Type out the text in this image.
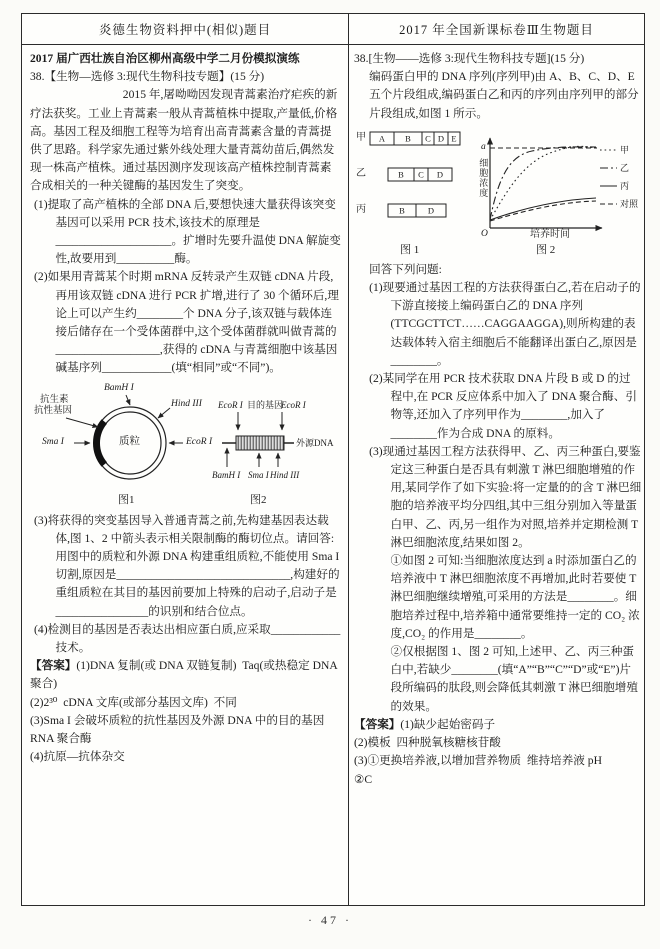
炎德生物资料押中(相似)题目	2017 年全国新课标卷Ⅲ生物题目

2017 届广西壮族自治区柳州高级中学二月份模拟演练

38.【生物—选修 3:现代生物科技专题】(15 分)

2015 年,屠呦呦因发现青蒿素治疗疟疾的新疗法获奖。工业上青蒿素一般从青蒿植株中提取,产量低,价格高。基因工程及细胞工程等为培育出高青蒿素含量的青蒿提供了思路。科学家先通过紫外线处理大量青蒿幼苗后,偶然发现一株高产植株。通过基因测序发现该高产植株控制青蒿素合成相关的一种关键酶的基因发生了突变。

(1)提取了高产植株的全部 DNA 后,要想快速大量获得该突变基因可以采用 PCR 技术,该技术的原理是____________________。扩增时先要升温使 DNA 解旋变性,故要用到__________酶。

(2)如果用青蒿某个时期 mRNA 反转录产生双链 cDNA 片段,再用该双链 cDNA 进行 PCR 扩增,进行了 30 个循环后,理论上可以产生约________个 DNA 分子,该双链与载体连接后储存在一个受体菌群中,这个受体菌群就叫做青蒿的__________________,获得的 cDNA 与青蒿细胞中该基因碱基序列____________(填“相同”或“不同”)。

抗生素
抗性基因
BamH I
Hind III
Sma I	EcoR I
质粒
EcoR I 目的基因
EcoR I
BamH I Sma I Hind III
外源DNA
图1	图2

(3)将获得的突变基因导入普通青蒿之前,先构建基因表达载体,图 1、2 中箭头表示相关限制酶的酶切位点。请回答:

用图中的质粒和外源 DNA 构建重组质粒,不能使用 Sma I 切割,原因是______________________________,构建好的重组质粒在其目的基因前要加上特殊的启动子,启动子是________________的识别和结合位点。

(4)检测目的基因是否表达出相应蛋白质,应采取____________技术。

【答案】(1)DNA 复制(或 DNA 双链复制)  Taq(或热稳定 DNA 聚合)

(2)2³⁰  cDNA 文库(或部分基因文库)  不同

(3)Sma I 会破坏质粒的抗性基因及外源 DNA 中的目的基因  RNA 聚合酶

(4)抗原—抗体杂交

38.[生物——选修 3:现代生物科技专题](15 分)

编码蛋白甲的 DNA 序列(序列甲)由 A、B、C、D、E 五个片段组成,编码蛋白乙和丙的序列由序列甲的部分片段组成,如图 1 所示。

A B C D E
B C D
B	D
甲
乙
丙
a
O
细胞浓度
培养时间
甲
乙
丙
对照
图 1	图 2

回答下列问题:

(1)现要通过基因工程的方法获得蛋白乙,若在启动子的下游直接接上编码蛋白乙的 DNA 序列(TTCGCTTCT……CAGGAAGGA),则所构建的表达载体转入宿主细胞后不能翻译出蛋白乙,原因是________。

(2)某同学在用 PCR 技术获取 DNA 片段 B 或 D 的过程中,在 PCR 反应体系中加入了 DNA 聚合酶、引物等,还加入了序列甲作为________,加入了________作为合成 DNA 的原料。

(3)现通过基因工程方法获得甲、乙、丙三种蛋白,要鉴定这三种蛋白是否具有刺激 T 淋巴细胞增殖的作用,某同学作了如下实验:将一定量的的含 T 淋巴细胞的培养液平均分四组,其中三组分别加入等量蛋白甲、乙、丙,另一组作为对照,培养并定期检测 T 淋巴细胞浓度,结果如图 2。

①如图 2 可知:当细胞浓度达到 a 时添加蛋白乙的培养液中 T 淋巴细胞浓度不再增加,此时若要使 T 淋巴细胞继续增殖,可采用的方法是________。细胞培养过程中,培养箱中通常要维持一定的 CO₂ 浓度,CO₂ 的作用是________。

②仅根据图 1、图 2 可知,上述甲、乙、丙三种蛋白中,若缺少________(填“A”“B”“C”“D”或“E”)片段所编码的肽段,则会降低其刺激 T 淋巴细胞增殖的效果。

【答案】(1)缺少起始密码子

(2)模板  四种脱氧核糖核苷酸

(3)①更换培养液,以增加营养物质  维持培养液 pH

②C

· 47 ·
